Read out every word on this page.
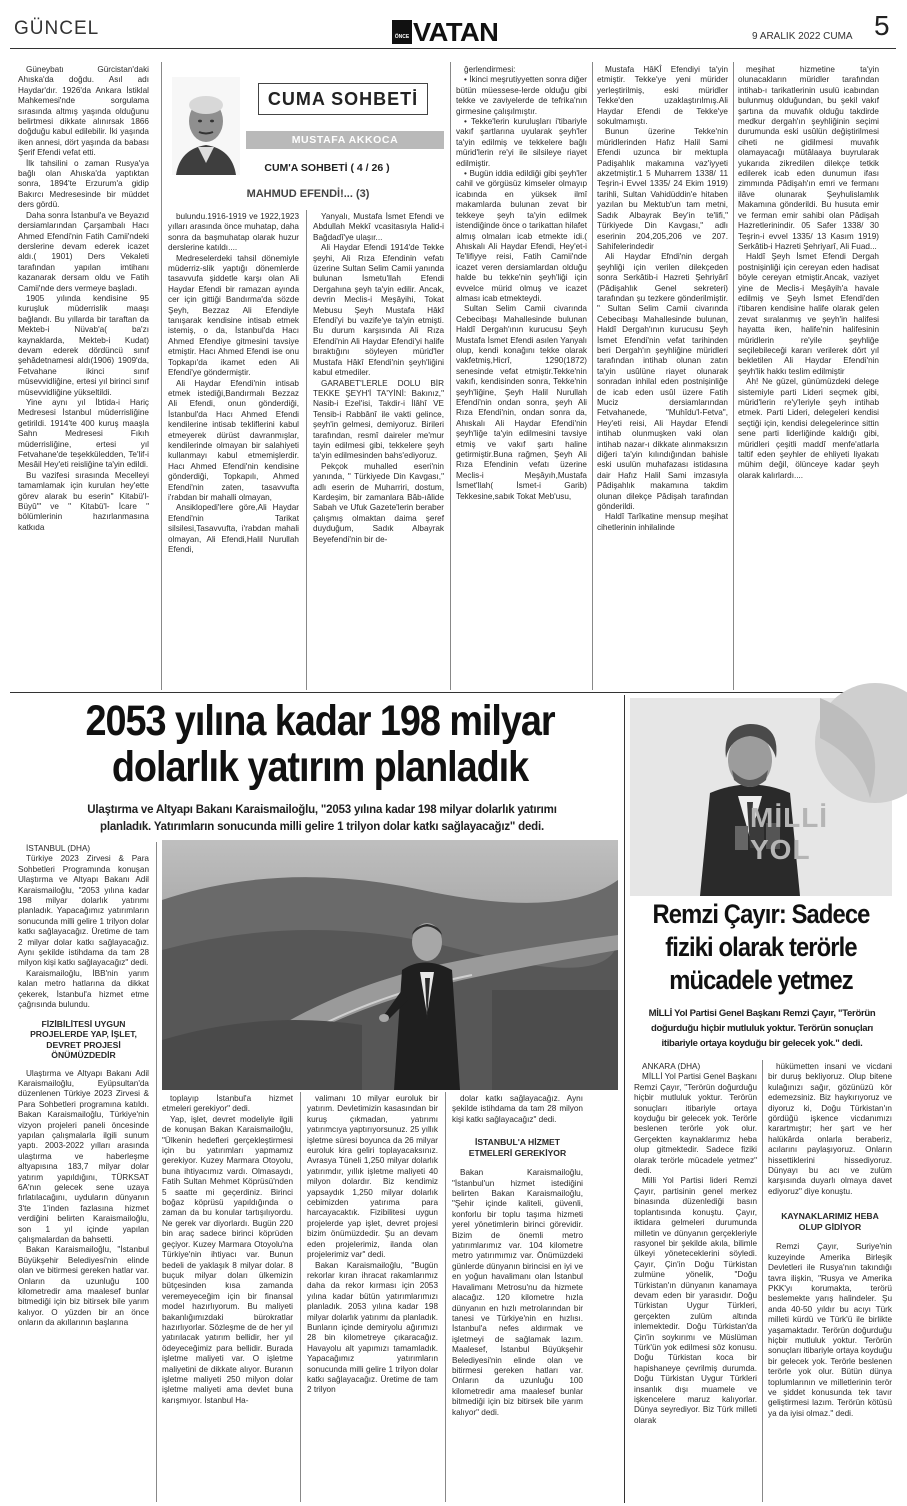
GÜNCEL	ÖNCE VATAN	9 ARALIK 2022 CUMA 5

Güneybatı Gürcistan'daki Ahıska'da doğdu. Asıl adı Haydar'dır. 1926'da Ankara İstiklal Mahkemesi'nde sorgulama sırasında altmış yaşında olduğunu belirtmesi dikkate alınırsak 1866 doğduğu kabul edilebilir. İki yaşında iken annesi, dört yaşında da babası Şerif Efendi vefat etti.

İlk tahsilini o zaman Rusya'ya bağlı olan Ahıska'da yaptıktan sonra, 1894'te Erzurum'a gidip Bakırcı Medresesinde bir müddet ders gördü.

Daha sonra İstanbul'a ve Beyazıd dersiamlarından Çarşambalı Hacı Ahmed Efendi'nin Fatih Camii'ndeki derslerine devam ederek icazet aldı.( 1901) Ders Vekaleti tarafından yapılan imtihanı kazanarak dersam oldu ve Fatih Camii'nde ders vermeye başladı.

1905 yılında kendisine 95 kuruşluk müderrislik maaşı bağlandı. Bu yıllarda bir taraftan da Mekteb-i Nüvab'a( ba'zı kaynaklarda, Mekteb-i Kudat) devam ederek dördüncü sınıf şehâdetnamesi aldı(1906) 1909'da, Fetvahane ikinci sınıf müsevvidliğine, ertesi yıl birinci sınıf müsevvidliğine yükseltildi.

Yine aynı yıl İbtida-i Hariç Medresesi İstanbul müderrisliğine getirildi. 1914'te 400 kuruş maaşla Sahn Medresesi Fıkıh müderrisliğine, ertesi yıl Fetvahane'de teşekküledden, Te'lif-i Mesâil Hey'eti reisliğine ta'yin edildi.

Bu vazifesi sırasında Mecelleyi tamamlamak için kurulan hey'ette görev alarak bu eserin" Kitabü'l-Büyû'" ve " Kitabü'l- İcare " bölümlerinin hazırlanmasına katkıda

CUMA SOHBETİ
MUSTAFA AKKOCA
CUM'A SOHBETİ ( 4 / 26 )
MAHMUD EFENDİ!... (3)

bulundu.1916-1919 ve 1922,1923 yılları arasında önce muhatap, daha sonra da başmuhatap olarak huzur derslerine katıldı....

Medreselerdeki tahsil dönemiyle müderriz-slik yaptığı dönemlerde tasavvufa şiddetle karşı olan Ali Haydar Efendi bir ramazan ayında cer için gittiği Bandırma'da sözde Şeyh, Bezzaz Ali Efendiyle tanışarak kendisine intisab etmek istemiş, o da, İstanbul'da Hacı Ahmed Efendiye gitmesini tavsiye etmiştir. Hacı Ahmed Efendi ise onu Topkapı'da ikamet eden Ali Efendi'ye göndermiştir.

Ali Haydar Efendi'nin intisab etmek istediği,Bandırmalı Bezzaz Ali Efendi, onun gönderdiği, İstanbul'da Hacı Ahmed Efendi kendilerine intisab tekliflerini kabul etmeyerek dürüst davranmışlar, kendilerinde olmayan bir salahiyeti kullanmayı kabul etmemişlerdir. Hacı Ahmed Efendi'nin kendisine gönderdiği, Topkapılı, Ahmed Efendi'nin zaten, tasavvufta i'rabdan bir mahalli olmayan,

Ansiklopedi'lere göre,Ali Haydar Efendi'nin Tarikat silsilesi,Tasavvufta, i'rabdan mahali olmayan, Ali Efendi,Halil Nurullah Efendi,

Yanyalı, Mustafa İsmet Efendi ve Abdullah Mekkî vcasitasıyla Halid-i Bağdadî'ye ulaşır...

Ali Haydar Efendi 1914'de Tekke şeyhi, Ali Rıza Efendinin vefatı üzerine Sultan Selim Camii yanında bulunan İsmetu'llah Efendi Dergahına şeyh ta'yin edilir. Ancak, devrin Meclis-i Meşâyihi, Tokat Mebusu Şeyh Mustafa Hâkî Efendi'yi bu vazife'ye ta'yin etmişti. Bu durum karşısında Ali Rıza Efendi'nin Ali Haydar Efendi'yi halife bıraktığını söyleyen mürid'ler Mustafa Hâkî Efendi'nin şeyh'liğini kabul etmediler.

GARABET'LERLE DOLU BİR TEKKE ŞEYH'İ TA'YİNİ: Bakınız," Nasib-i Ezel'isi, Takdir-i İlâhî VE Tensib-i Rabbânî ile vakti gelince, şeyh'in gelmesi, demiyoruz. Birileri tarafından, resmî daireler me'mur tayin edilmesi gibi, tekkelere şeyh ta'yin edilmesinden bahs'ediyoruz.

Pekçok muhalled eseri'nin yanında, " Türkiyede Din Kavgası," adlı eserin de Muharriri, dostum, Kardeşim, bir zamanlara Bâb-ıâlide Sabah ve Ufuk Gazete'lerin beraber çalışmış olmaktan daima şeref duyduğum, Sadık Albayrak Beyefendi'nin bir de-

ğerlendirmesi:

• İkinci meşrutiyyetten sonra diğer bütün müessese-lerde olduğu gibi tekke ve zaviyelerde de tefrika'nın girmesine çalışılmıştır.

• Tekke'lerin kuruluşları i'tibariyle vakıf şartlarına uyularak şeyh'ler ta'yin edilmiş ve tekkelere bağlı mürid'lerin re'yi ile silsileye riayet edilmiştir.

• Bugün iddia edildiği gibi şeyh'ler cahil ve görgüsüz kimseler olmayıp icabında en yüksek ilmî makamlarda bulunan zevat bir tekkeye şeyh ta'yin edilmek istendiğinde önce o tarikattan hilafet almış olmaları icab etmekte idi.( Ahıskalı Ali Haydar Efendi, Hey'et-i Te'lifiyye reisi, Fatih Camii'nde icazet veren dersiamlardan olduğu halde bu tekke'nin şeyh'liği için evvelce mürid olmuş ve icazet alması icab etmekteydi.

Sultan Selim Camii civarında Cebecibaşı Mahallesinde bulunan Haldî Dergah'ının kurucusu Şeyh Mustafa İsmet Efendi asılen Yanyalı olup, kendi konağını tekke olarak vakfetmiş,Hicrî, 1290(1872) senesinde vefat etmiştir.Tekke'nin vakıfı, kendisinden sonra, Tekke'nin şeyh'liğine, Şeyh Halil Nurullah Efendi'nin ondan sonra, şeyh Ali Rıza Efendi'nin, ondan sonra da, Ahıskalı Ali Haydar Efendi'nin şeyh'liğe ta'yin edilmesini tavsiye etmiş ve vakıf şartı haline getirmiştir.Buna rağmen, Şeyh Ali Rıza Efendinin vefatı üzerine Meclis-i Meşâyıh,Mustafa İsmet'llah( İsmet-i Garib) Tekkesine,sabık Tokat Meb'usu,

Mustafa HâKÎ Efendiyi ta'yin etmiştir. Tekke'ye yeni mürider yerleştirilmiş, eski müridler Tekke'den uzaklaştırılmış.Ali Haydar Efendi de Tekke'ye sokulmamıştı.

Bunun üzerine Tekke'nin müridlerinden Hafız Halil Sami Efendi uzunca bir mektupla Padişahlık makamına vaz'iyyeti akzetmiştir.1 5 Muharrem 1338/ 11 Teşrin-i Evvel 1335/ 24 Ekim 1919) tarihli, Sultan Vahidüddin'e hitaben yazılan bu Mektub'un tam metni, Sadık Albayrak Bey'in te'lifi," Türkiyede Din Kavgası," adlı eserinin 204,205,206 ve 207. Sahifelerindedir

Ali Haydar Efndi'nin dergah şeyhliği için verilen dilekçeden sonra Serkâtib-i Hazreti Şehriyârî (Pâdişahlık Genel sekreteri) tarafından şu tezkere gönderilmiştir. " Sultan Selim Camii civarında Cebecibaşı Mahallesinde bulunan, Haldî Dergah'ının kurucusu Şeyh İsmet Efendi'nin vefat tarihinden beri Dergah'ın şeyhliğine müridleri tarafından intihab olunan zatın ta'yin usûlüne riayet olunarak sonradan inhilal eden postnişinliğe de icab eden usûl üzere Fatih Muciz dersiamlarından Fetvahanede, "Muhîdu'l-Fetva", Hey'eti reisi, Ali Haydar Efendi intihab olunmuşken vaki olan intihab nazar-ı dikkate alınmaksızın diğeri ta'yin kılındığından bahisle eski usulün muhafazası istidasına dair Hafız Halil Sami imzasıyla Pâdişahlık makamına takdim olunan dilekçe Pâdişah tarafından gönderildi.

Haldî Tarîkatine mensup meşihat cihetlerinin inhilalinde

meşihat hizmetine ta'yin olunacakların müridler tarafından intihab-ı tarikatlerinin usulü icabından bulunmuş olduğundan, bu şekil vakıf şartına da muvafık olduğu takdirde medkur dergah'ın şeyhliğinin seçimi durumunda eski usûlün değiştirilmesi ciheti ne gidilmesi muvafık olamayacağı mütâlaaya buyrularak yukarıda zikredilen dilekçe tetkik edilerek icab eden dunumun ifası zimmında Pâdişah'ın emri ve fermanı ilâve olunarak Şeyhulislamlık Makamına gönderildi. Bu husuta emir ve ferman emir sahibi olan Pâdişah Hazretlerinindir. 05 Safer 1338/ 30 Teşrin-i evvel 1335/ 13 Kasım 1919) Serkâtib-i Hazreti Şehriyarî, Ali Fuad...

Haldî Şeyh İsmet Efendi Dergah postnişinliği için cereyan eden hadisat böyle cereyan etmiştir.Ancak, vaziyet yine de Meclis-i Meşâyih'a havale edilmiş ve Şeyh İsmet Efendi'den i'tibaren kendisine halife olarak gelen zevat sıralanmış ve şeyh'in halifesi hayatta iken, halife'nin halifesinin müridlerin re'yile şeyhliğe seçilebileceği kararı verilerek dört yıl bekletilen Ali Haydar Efendi'nin şeyh'lik hakkı teslim edilmiştir

Ah! Ne güzel, günümüzdeki delege sistemiyle parti Lideri seçmek gibi, mürid'lerin re'y'leriyle şeyh intihab etmek. Parti Lideri, delegeleri kendisi seçtiği için, kendisi delegelerince sittin sene parti liderliğinde kaldığı gibi, müridleri çeşitli maddî menfe'atlarla taltif eden şeyhler de ehliyeti liyakatı mühim değil, ölünceye kadar şeyh olarak kalırlardı....

2053 yılına kadar 198 milyar
dolarlık yatırım planladık
Ulaştırma ve Altyapı Bakanı Karaismailoğlu, "2053 yılına kadar 198 milyar dolarlık yatırımı
planladık. Yatırımların sonucunda milli gelire 1 trilyon dolar katkı sağlayacağız" dedi.

İSTANBUL (DHA)

Türkiye 2023 Zirvesi & Para Sohbetleri Programında konuşan Ulaştırma ve Altyapı Bakanı Adil Karaismailoğlu, "2053 yılına kadar 198 milyar dolarlık yatırımı planladık. Yapacağımız yatırımların sonucunda milli gelire 1 trilyon dolar katkı sağlayacağız. Üretime de tam 2 milyar dolar katkı sağlayacağız. Aynı şekilde istihdama da tam 28 milyon kişi katkı sağlayacağız" dedi.

Karaismailoğlu, İBB'nin yarım kalan metro hatlarına da dikkat çekerek, İstanbul'a hizmet etme çağrısında bulundu.

FİZİBİLİTESİ UYGUN PROJELERDE YAP, İŞLET, DEVRET PROJESİ ÖNÜMÜZDEDİR

Ulaştırma ve Altyapı Bakanı Adil Karaismailoğlu, Eyüpsultan'da düzenlenen Türkiye 2023 Zirvesi & Para Sohbetleri programına katıldı. Bakan Karaismailoğlu, Türkiye'nin vizyon projeleri paneli öncesinde yapılan çalışmalarla ilgili sunum yaptı. 2003-2022 yılları arasında ulaştırma ve haberleşme altyapısına 183,7 milyar dolar yatırım yapıldığını, TÜRKSAT 6A'nın gelecek sene uzaya fırlatılacağını, uyduların dünyanın 3'te 1'inden fazlasına hizmet verdiğini belirten Karaismailoğlu, son 1 yıl içinde yapılan çalışmalardan da bahsetti.

Bakan Karaismailoğlu, "İstanbul Büyükşehir Belediyesi'nin elinde olan ve bitirmesi gereken hatlar var. Onların da uzunluğu 100 kilometredir ama maalesef bunlar bitmediği için biz bitirsek bile yarım kalıyor. O yüzden bir an önce onların da akıllarının başlarına

toplayıp İstanbul'a hizmet etmeleri gerekiyor" dedi.

Yap, işlet, devret modeliyle ilgili de konuşan Bakan Karaismailoğlu, "Ülkenin hedefleri gerçekleştirmesi için bu yatırımları yapmamız gerekiyor. Kuzey Marmara Otoyolu, buna ihtiyacımız vardı. Olmasaydı, Fatih Sultan Mehmet Köprüsü'nden 5 saatte mi geçerdiniz. Birinci boğaz köprüsü yapıldığında o zaman da bu konular tartışılıyordu. Ne gerek var diyorlardı. Bugün 220 bin araç sadece birinci köprüden geçiyor. Kuzey Marmara Otoyolu'na Türkiye'nin ihtiyacı var. Bunun bedeli de yaklaşık 8 milyar dolar. 8 buçuk milyar doları ülkemizin bütçesinden kısa zamanda veremeyeceğim için bir finansal model hazırlıyorum. Bu maliyeti bakanlığımızdaki bürokratlar hazırlıyorlar. Sözleşme de de her yıl yatırılacak yatırım bellidir, her yıl ödeyeceğimiz para bellidir. Burada işletme maliyeti var. O işletme maliyetini de dikkate alıyor. Buranın işletme maliyeti 250 milyon dolar işletme maliyeti ama devlet buna karışmıyor. İstanbul Ha-

valimanı 10 milyar euroluk bir yatırım. Devletimizin kasasından bir kuruş çıkmadan, yatırımı yatırımcıya yaptırıyorsunuz. 25 yıllık işletme süresi boyunca da 26 milyar euroluk kira geliri toplayacaksınız. Avrasya Tüneli 1,250 milyar dolarlık yatırımdır, yıllık işletme maliyeti 40 milyon dolardır. Biz kendimiz yapsaydık 1,250 milyar dolarlık cebimizden yatırıma para harcayacaktık. Fizibilitesi uygun projelerde yap işlet, devret projesi bizim önümüzdedir. Şu an devam eden projelerimiz, ilanda olan projelerimiz var" dedi.

Bakan Karaismailoğlu, "Bugün rekorlar kıran ihracat rakamlarımız daha da rekor kırması için 2053 yılına kadar bütün yatırımlarımızı planladık. 2053 yılına kadar 198 milyar dolarlık yatırımı da planladık. Bunların içinde demiryolu ağırımızı 28 bin kilometreye çıkaracağız. Havayolu alt yapımızı tamamladık. Yapacağımız yatırımların sonucunda milli gelire 1 trilyon dolar katkı sağlayacağız. Üretime de tam 2 trilyon

dolar katkı sağlayacağız. Aynı şekilde istihdama da tam 28 milyon kişi katkı sağlayacağız" dedi.

İSTANBUL'A HİZMET ETMELERİ GEREKİYOR

Bakan Karaismailoğlu, "İstanbul'un hizmet istediğini belirten Bakan Karaismailoğlu, "Şehir içinde kaliteli, güvenli, konforlu bir toplu taşıma hizmeti yerel yönetimlerin birinci görevidir. Bizim de önemli metro yatırımlarımız var. 104 kilometre metro yatırımımız var. Önümüzdeki günlerde dünyanın birincisi en iyi ve en yoğun havalimanı olan İstanbul Havalimanı Metrosu'nu da hizmete alacağız. 120 kilometre hızla dünyanın en hızlı metrolarından bir tanesi ve Türkiye'nin en hızlısı. İstanbul'a nefes aldırmak ve işletmeyi de sağlamak lazım. Maalesef, İstanbul Büyükşehir Belediyesi'nin elinde olan ve bitirmesi gereken hatları var. Onların da uzunluğu 100 kilometredir ama maalesef bunlar bitmediği için biz bitirsek bile yarım kalıyor" dedi.

MİLLİ YOL
Remzi Çayır: Sadece
fiziki olarak terörle
mücadele yetmez
MİLLİ Yol Partisi Genel Başkanı Remzi Çayır, "Terörün
doğurduğu hiçbir mutluluk yoktur. Terörün sonuçları
itibariyle ortaya koyduğu bir gelecek yok." dedi.

ANKARA (DHA)

MİLLİ Yol Partisi Genel Başkanı Remzi Çayır, "Terörün doğurduğu hiçbir mutluluk yoktur. Terörün sonuçları itibariyle ortaya koyduğu bir gelecek yok. Terörle beslenen terörle yok olur. Gerçekten kaynaklarımız heba olup gitmektedir. Sadece fiziki olarak terörle mücadele yetmez" dedi.

Milli Yol Partisi lideri Remzi Çayır, partisinin genel merkez binasında düzenlediği basın toplantısında konuştu. Çayır, iktidara gelmeleri durumunda milletin ve dünyanın gerçekleriyle rasyonel bir şekilde akıla, bilimle ülkeyi yöneteceklerini söyledi. Çayır, Çin'in Doğu Türkistan zulmüne yönelik, "Doğu Türkistan'ın dünyanın kanamaya devam eden bir yarasıdır. Doğu Türkistan Uygur Türkleri, gerçekten zulüm altında inlemektedir. Doğu Türkistan'da Çin'in soykırımı ve Müslüman Türk'ün yok edilmesi söz konusu. Doğu Türkistan koca bir hapishaneye çevrilmiş durumda. Doğu Türkistan Uygur Türkleri insanlık dışı muamele ve işkencelere maruz kalıyorlar. Dünya seyrediyor. Biz Türk milleti olarak

hükümetten insani ve vicdani bir duruş bekliyoruz. Olup bitene kulağınızı sağır, gözünüzü kör edemezsiniz. Biz haykırıyoruz ve diyoruz ki, Doğu Türkistan'ın gördüğü işkence vicdanımızı karartmıştır; her şart ve her halükârda onlarla beraberiz, acılarını paylaşıyoruz. Onların hissettiklerini hissediyoruz. Dünyayı bu acı ve zulüm karşısında duyarlı olmaya davet ediyoruz" diye konuştu.

KAYNAKLARIMIZ HEBA OLUP GİDİYOR

Remzi Çayır, Suriye'nin kuzeyinde Amerika Birleşik Devletleri ile Rusya'nın takındığı tavra ilişkin, "Rusya ve Amerika PKK'yı korumakta, terörü beslemekte yarış halindeler. Şu anda 40-50 yıldır bu acıyı Türk milleti kürdü ve Türk'ü ile birlikte yaşamaktadır. Terörün doğurduğu hiçbir mutluluk yoktur. Terörün sonuçları itibariyle ortaya koyduğu bir gelecek yok. Terörle beslenen terörle yok olur. Bütün dünya toplumlarının ve milletlerinin terör ve şiddet konusunda tek tavır geliştirmesi lazım. Terörün kötüsü ya da iyisi olmaz." dedi.
